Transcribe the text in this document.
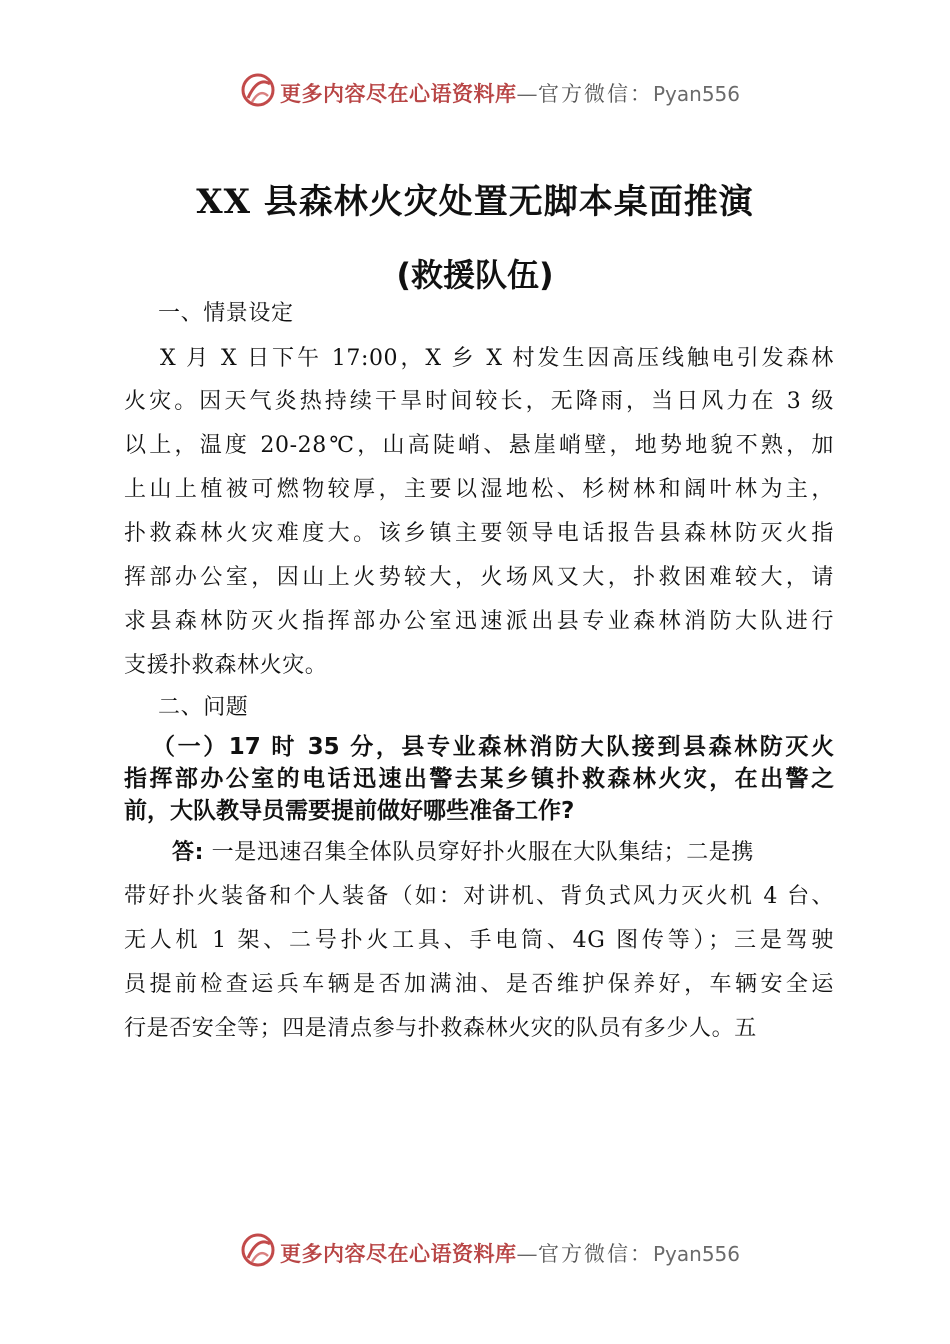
更多内容尽在心语资料库—官方微信：Pyan556
XX 县森林火灾处置无脚本桌面推演
(救援队伍)
一、情景设定
X 月 X 日下午 17:00，X 乡 X 村发生因高压线触电引发森林
火灾。因天气炎热持续干旱时间较长，无降雨，当日风力在 3 级
以上，温度 20-28℃，山高陡峭、悬崖峭壁，地势地貌不熟，加
上山上植被可燃物较厚，主要以湿地松、杉树林和阔叶林为主，
扑救森林火灾难度大。该乡镇主要领导电话报告县森林防灭火指
挥部办公室，因山上火势较大，火场风又大，扑救困难较大，请
求县森林防灭火指挥部办公室迅速派出县专业森林消防大队进行
支援扑救森林火灾。
二、问题
（一）17 时 35 分，县专业森林消防大队接到县森林防灭火
指挥部办公室的电话迅速出警去某乡镇扑救森林火灾，在出警之
前，大队教导员需要提前做好哪些准备工作?
答: 一是迅速召集全体队员穿好扑火服在大队集结；二是携
带好扑火装备和个人装备（如：对讲机、背负式风力灭火机 4 台、
无人机 1 架、二号扑火工具、手电筒、4G 图传等）；三是驾驶
员提前检查运兵车辆是否加满油、是否维护保养好，车辆安全运
行是否安全等；四是清点参与扑救森林火灾的队员有多少人。五
更多内容尽在心语资料库—官方微信：Pyan556
